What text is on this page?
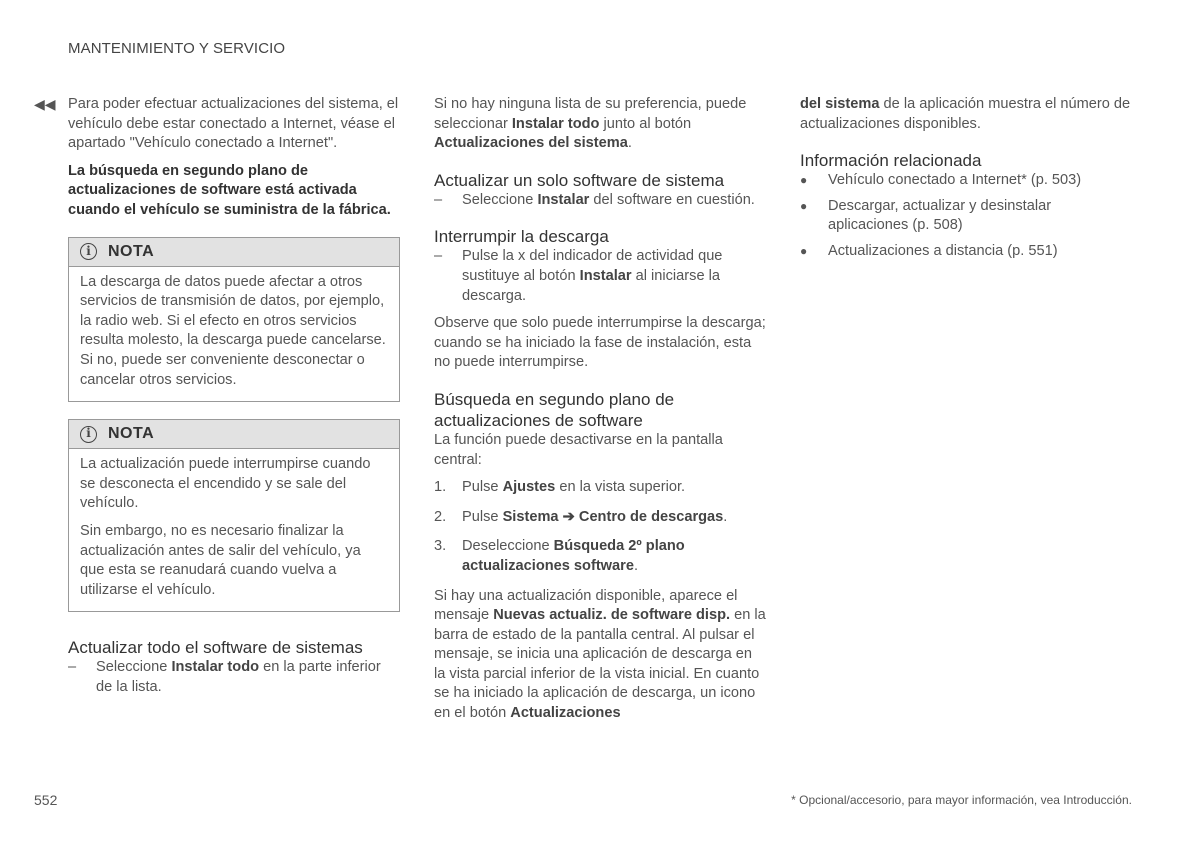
MANTENIMIENTO Y SERVICIO
◀◀ Para poder efectuar actualizaciones del sistema, el vehículo debe estar conectado a Internet, véase el apartado "Vehículo conectado a Internet".

La búsqueda en segundo plano de actualizaciones de software está activada cuando el vehículo se suministra de la fábrica.

i	NOTA

La descarga de datos puede afectar a otros servicios de transmisión de datos, por ejemplo, la radio web. Si el efecto en otros servicios resulta molesto, la descarga puede cancelarse. Si no, puede ser conveniente desconectar o cancelar otros servicios.

i	NOTA

La actualización puede interrumpirse cuando se desconecta el encendido y se sale del vehículo.

Sin embargo, no es necesario finalizar la actualización antes de salir del vehículo, ya que esta se reanudará cuando vuelva a utilizarse el vehículo.

Actualizar todo el software de sistemas
–	Seleccione Instalar todo en la parte inferior de la lista.

Si no hay ninguna lista de su preferencia, puede seleccionar Instalar todo junto al botón Actualizaciones del sistema.

Actualizar un solo software de sistema
–	Seleccione Instalar del software en cuestión.
Interrumpir la descarga
–	Pulse la x del indicador de actividad que sustituye al botón Instalar al iniciarse la descarga.

Observe que solo puede interrumpirse la descarga; cuando se ha iniciado la fase de instalación, esta no puede interrumpirse.

Búsqueda en segundo plano de actualizaciones de software

La función puede desactivarse en la pantalla central:

1.	Pulse Ajustes en la vista superior.
2.	Pulse Sistema ➔ Centro de descargas.
3.	Deseleccione Búsqueda 2º plano actualizaciones software.

Si hay una actualización disponible, aparece el mensaje Nuevas actualiz. de software disp. en la barra de estado de la pantalla central. Al pulsar el mensaje, se inicia una aplicación de descarga en la vista parcial inferior de la vista inicial. En cuanto se ha iniciado la aplicación de descarga, un icono en el botón Actualizaciones

del sistema de la aplicación muestra el número de actualizaciones disponibles.

Información relacionada
●	Vehículo conectado a Internet* (p. 503)
●	Descargar, actualizar y desinstalar aplicaciones (p. 508)
●	Actualizaciones a distancia (p. 551)
552	* Opcional/accesorio, para mayor información, vea Introducción.
